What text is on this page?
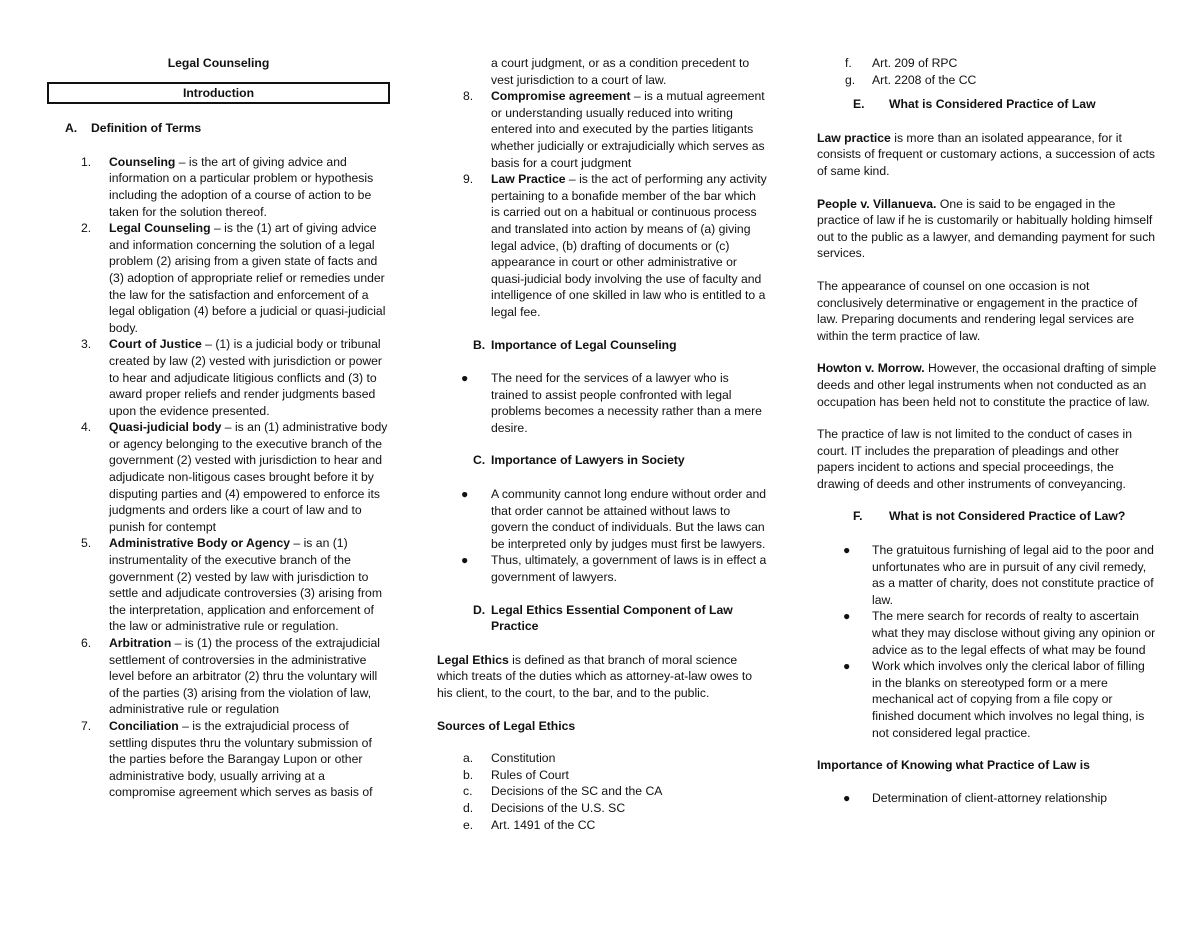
Legal Counseling
Introduction
A.	Definition of Terms
1.	Counseling – is the art of giving advice and information on a particular problem or hypothesis including the adoption of a course of action to be taken for the solution thereof.
2.	Legal Counseling – is the (1) art of giving advice and information concerning the solution of a legal problem (2) arising from a given state of facts and (3) adoption of appropriate relief or remedies under the law for the satisfaction and enforcement of a legal obligation (4) before a judicial or quasi-judicial body.
3.	Court of Justice – (1) is a judicial body or tribunal created by law (2) vested with jurisdiction or power to hear and adjudicate litigious conflicts and (3) to award proper reliefs and render judgments based upon the evidence presented.
4.	Quasi-judicial body – is an (1) administrative body or agency belonging to the executive branch of the government (2) vested with jurisdiction to hear and adjudicate non-litigous cases brought before it by disputing parties and (4) empowered to enforce its judgments and orders like a court of law and to punish for contempt
5.	Administrative Body or Agency – is an (1) instrumentality of the executive branch of the government (2) vested by law with jurisdiction to settle and adjudicate controversies (3) arising from the interpretation, application and enforcement of the law or administrative rule or regulation.
6.	Arbitration – is (1) the process of the extrajudicial settlement of controversies in the administrative level before an arbitrator (2) thru the voluntary will of the parties (3) arising from the violation of law, administrative rule or regulation
7.	Conciliation – is the extrajudicial process of settling disputes thru the voluntary submission of the parties before the Barangay Lupon or other administrative body, usually arriving at a compromise agreement which serves as basis of

a court judgment, or as a condition precedent to vest jurisdiction to a court of law.

8.	Compromise agreement – is a mutual agreement or understanding usually reduced into writing entered into and executed by the parties litigants whether judicially or extrajudicially which serves as basis for a court judgment
9.	Law Practice – is the act of performing any activity pertaining to a bonafide member of the bar which is carried out on a habitual or continuous process and translated into action by means of (a) giving legal advice, (b) drafting of documents or (c) appearance in court or other administrative or quasi-judicial body involving the use of faculty and intelligence of one skilled in law who is entitled to a legal fee.
B. Importance of Legal Counseling
●	The need for the services of a lawyer who is trained to assist people confronted with legal problems becomes a necessity rather than a mere desire.
C. Importance of Lawyers in Society
●	A community cannot long endure without order and that order cannot be attained without laws to govern the conduct of individuals. But the laws can be interpreted only by judges must first be lawyers.
●	Thus, ultimately, a government of laws is in effect a government of lawyers.
D. Legal Ethics Essential Component of Law Practice

Legal Ethics is defined as that branch of moral science which treats of the duties which as attorney-at-law owes to his client, to the court, to the bar, and to the public.

Sources of Legal Ethics

a.	Constitution
b.	Rules of Court
c.	Decisions of the SC and the CA
d.	Decisions of the U.S. SC
e.	Art. 1491 of the CC
f.	Art. 209 of RPC
g.	Art. 2208 of the CC
E.	What is Considered Practice of Law

Law practice is more than an isolated appearance, for it consists of frequent or customary actions, a succession of acts of same kind.

People v. Villanueva. One is said to be engaged in the practice of law if he is customarily or habitually holding himself out to the public as a lawyer, and demanding payment for such services.

The appearance of counsel on one occasion is not conclusively determinative or engagement in the practice of law. Preparing documents and rendering legal services are within the term practice of law.

Howton v. Morrow. However, the occasional drafting of simple deeds and other legal instruments when not conducted as an occupation has been held not to constitute the practice of law.

The practice of law is not limited to the conduct of cases in court. IT includes the preparation of pleadings and other papers incident to actions and special proceedings, the drawing of deeds and other instruments of conveyancing.

F.	What is not Considered Practice of Law?
●	The gratuitous furnishing of legal aid to the poor and unfortunates who are in pursuit of any civil remedy, as a matter of charity, does not constitute practice of law.
●	The mere search for records of realty to ascertain what they may disclose without giving any opinion or advice as to the legal effects of what may be found
●	Work which involves only the clerical labor of filling in the blanks on stereotyped form or a mere mechanical act of copying from a file copy or finished document which involves no legal thing, is not considered legal practice.

Importance of Knowing what Practice of Law is

●	Determination of client-attorney relationship
